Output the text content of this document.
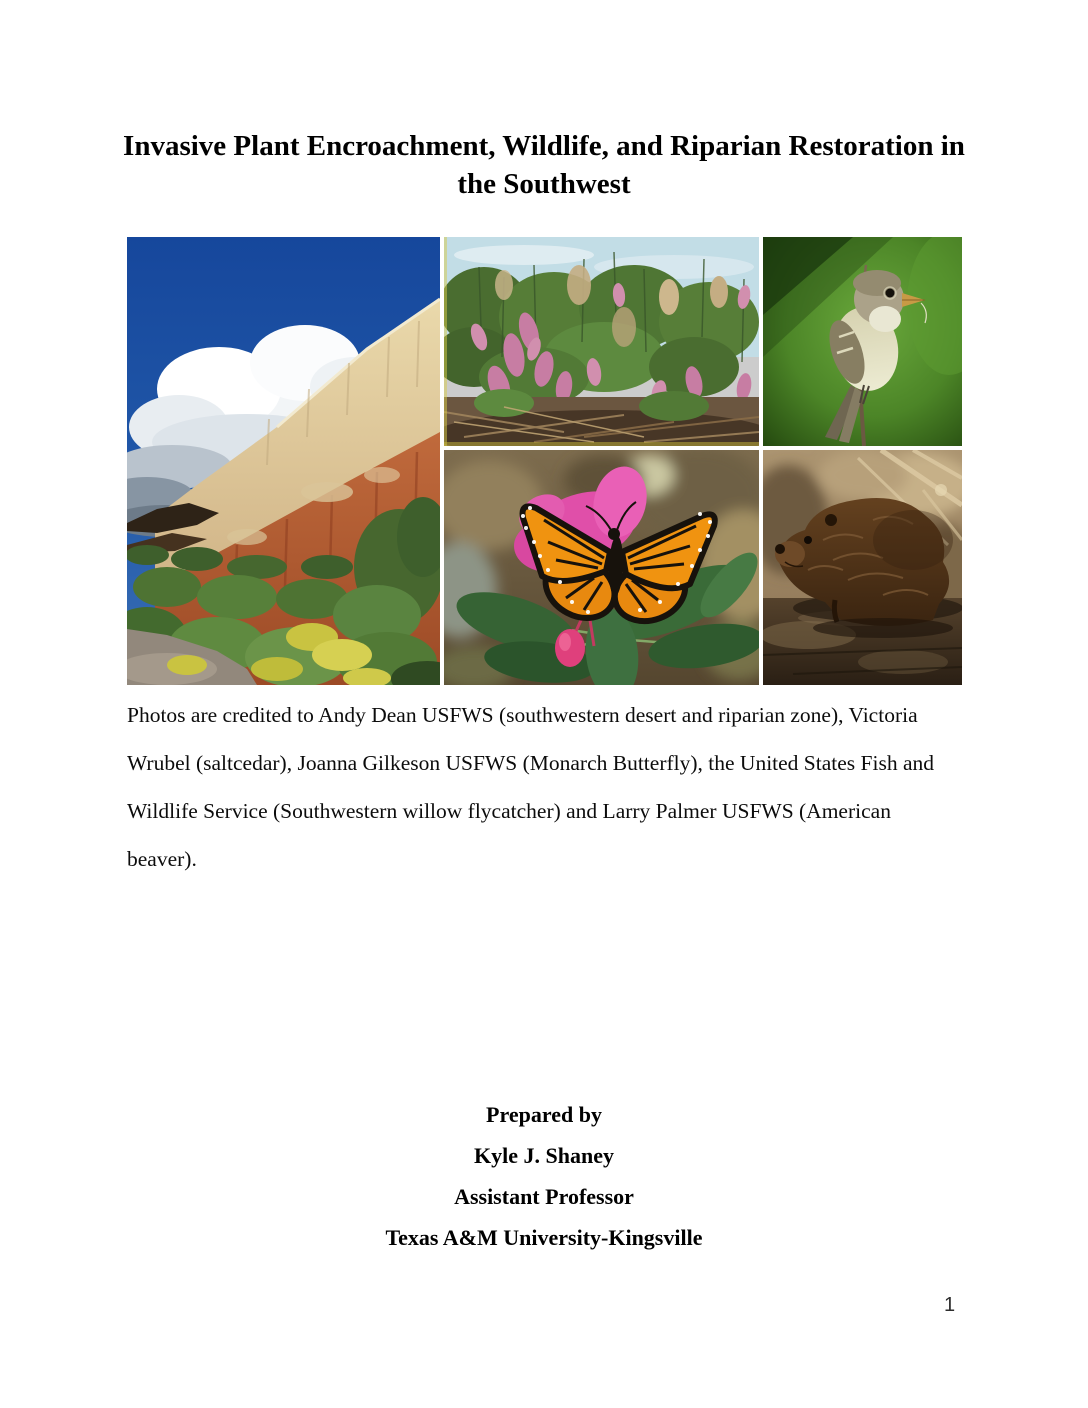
Invasive Plant Encroachment, Wildlife, and Riparian Restoration in
the Southwest
Photos are credited to Andy Dean USFWS (southwestern desert and riparian zone), Victoria
Wrubel (saltcedar), Joanna Gilkeson USFWS (Monarch Butterfly), the United States Fish and
Wildlife Service (Southwestern willow flycatcher) and Larry Palmer USFWS (American
beaver).
Prepared by
Kyle J. Shaney
Assistant Professor
Texas A&M University-Kingsville
1
